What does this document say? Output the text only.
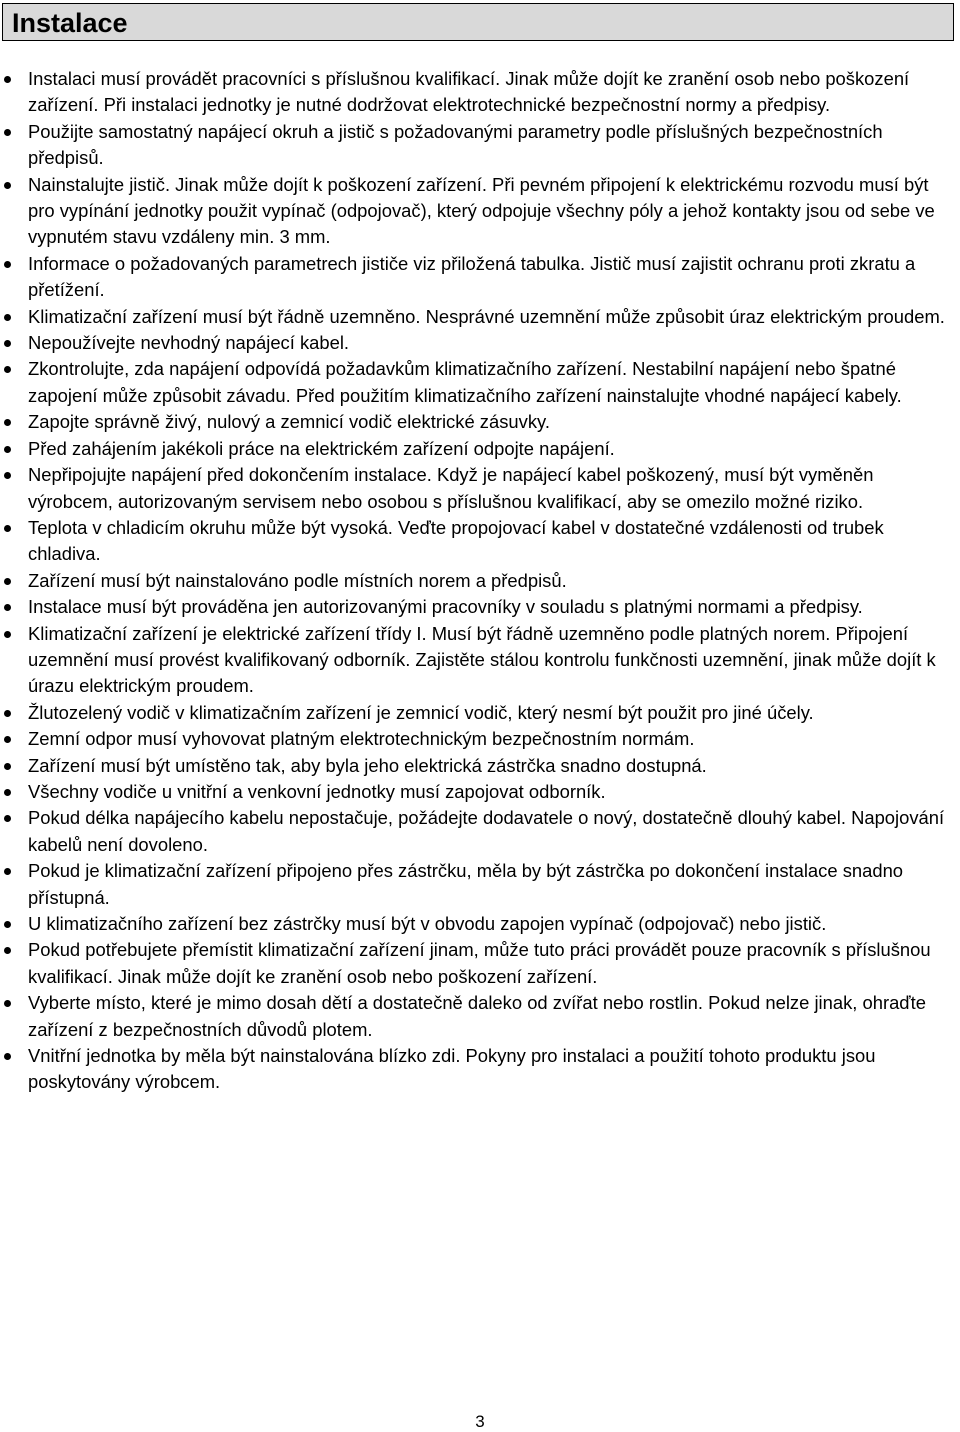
Instalace
Instalaci musí provádět pracovníci s příslušnou kvalifikací. Jinak může dojít ke zranění osob nebo poškození zařízení. Při instalaci jednotky je nutné dodržovat elektrotechnické bezpečnostní normy a předpisy.
Použijte samostatný napájecí okruh a jistič s požadovanými parametry podle příslušných bezpečnostních předpisů.
Nainstalujte jistič. Jinak může dojít k poškození zařízení. Při pevném připojení k elektrickému rozvodu musí být pro vypínání jednotky použit vypínač (odpojovač), který odpojuje všechny póly a jehož kontakty jsou od sebe ve vypnutém stavu vzdáleny min. 3 mm.
Informace o požadovaných parametrech jističe viz přiložená tabulka. Jistič musí zajistit ochranu proti zkratu a přetížení.
Klimatizační zařízení musí být řádně uzemněno. Nesprávné uzemnění může způsobit úraz elektrickým proudem.
Nepoužívejte nevhodný napájecí kabel.
Zkontrolujte, zda napájení odpovídá požadavkům klimatizačního zařízení. Nestabilní napájení nebo špatné zapojení může způsobit závadu. Před použitím klimatizačního zařízení nainstalujte vhodné napájecí kabely.
Zapojte správně živý, nulový a zemnicí vodič elektrické zásuvky.
Před zahájením jakékoli práce na elektrickém zařízení odpojte napájení.
Nepřipojujte napájení před dokončením instalace. Když je napájecí kabel poškozený, musí být vyměněn výrobcem, autorizovaným servisem nebo osobou s příslušnou kvalifikací, aby se omezilo možné riziko.
Teplota v chladicím okruhu může být vysoká. Veďte propojovací kabel v dostatečné vzdálenosti od trubek chladiva.
Zařízení musí být nainstalováno podle místních norem a předpisů.
Instalace musí být prováděna jen autorizovanými pracovníky v souladu s platnými normami a předpisy.
Klimatizační zařízení je elektrické zařízení třídy I. Musí být řádně uzemněno podle platných norem. Připojení uzemnění musí provést kvalifikovaný odborník. Zajistěte stálou kontrolu funkčnosti uzemnění, jinak může dojít k úrazu elektrickým proudem.
Žlutozelený vodič v klimatizačním zařízení je zemnicí vodič, který nesmí být použit pro jiné účely.
Zemní odpor musí vyhovovat platným elektrotechnickým bezpečnostním normám.
Zařízení musí být umístěno tak, aby byla jeho elektrická zástrčka snadno dostupná.
Všechny vodiče u vnitřní a venkovní jednotky musí zapojovat odborník.
Pokud délka napájecího kabelu nepostačuje, požádejte dodavatele o nový, dostatečně dlouhý kabel. Napojování kabelů není dovoleno.
Pokud je klimatizační zařízení připojeno přes zástrčku, měla by být zástrčka po dokončení instalace snadno přístupná.
U klimatizačního zařízení bez zástrčky musí být v obvodu zapojen vypínač (odpojovač) nebo jistič.
Pokud potřebujete přemístit klimatizační zařízení jinam, může tuto práci provádět pouze pracovník s příslušnou kvalifikací. Jinak může dojít ke zranění osob nebo poškození zařízení.
Vyberte místo, které je mimo dosah dětí a dostatečně daleko od zvířat nebo rostlin. Pokud nelze jinak, ohraďte zařízení z bezpečnostních důvodů plotem.
Vnitřní jednotka by měla být nainstalována blízko zdi. Pokyny pro instalaci a použití tohoto produktu jsou poskytovány výrobcem.
3
